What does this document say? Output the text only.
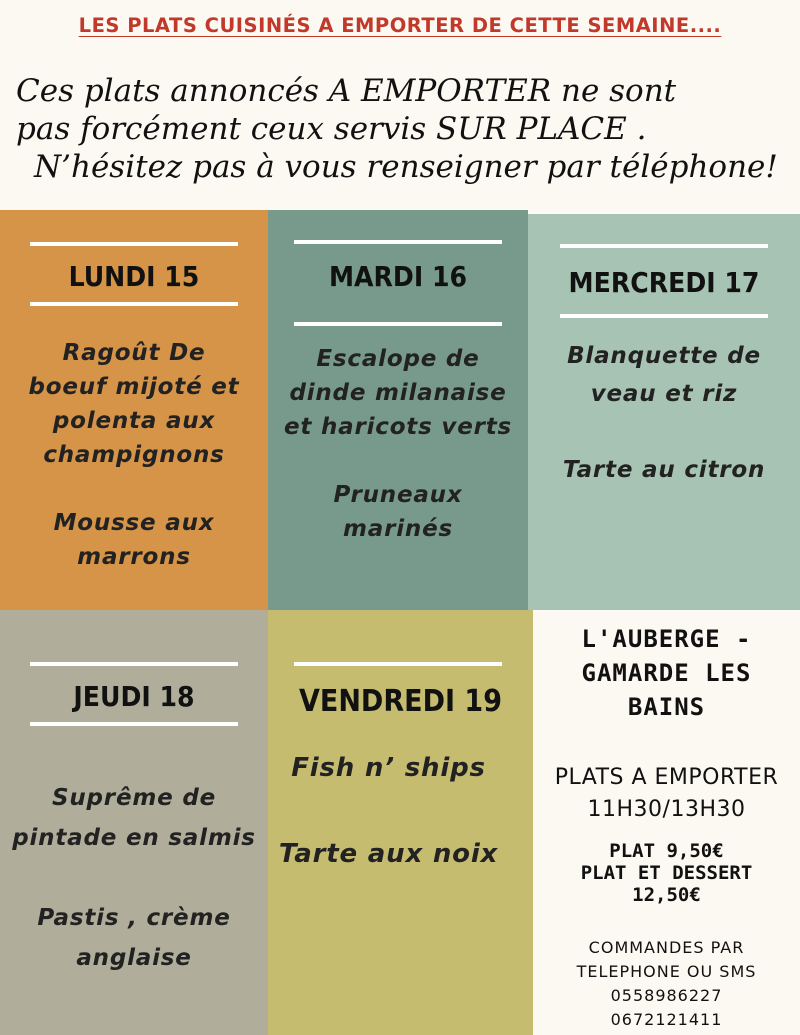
LES PLATS CUISINÉS A EMPORTER DE CETTE SEMAINE....
Ces plats annoncés A EMPORTER ne sont
pas forcément ceux servis SUR PLACE .
N’hésitez pas à vous renseigner par téléphone!
LUNDI 15
Ragoût De
boeuf mijoté et
polenta aux
champignons
Mousse aux
marrons
MARDI 16
Escalope de
dinde milanaise
et haricots verts
Pruneaux
marinés
MERCREDI 17
Blanquette de
veau et riz
Tarte au citron
JEUDI 18
Suprême de
pintade en salmis
Pastis , crème
anglaise
VENDREDI 19
Fish n’ ships
Tarte aux noix
L'AUBERGE -
GAMARDE LES
BAINS
PLATS A EMPORTER
11H30/13H30
PLAT 9,50€
PLAT ET DESSERT
12,50€
COMMANDES PAR
TELEPHONE OU SMS
0558986227
0672121411
